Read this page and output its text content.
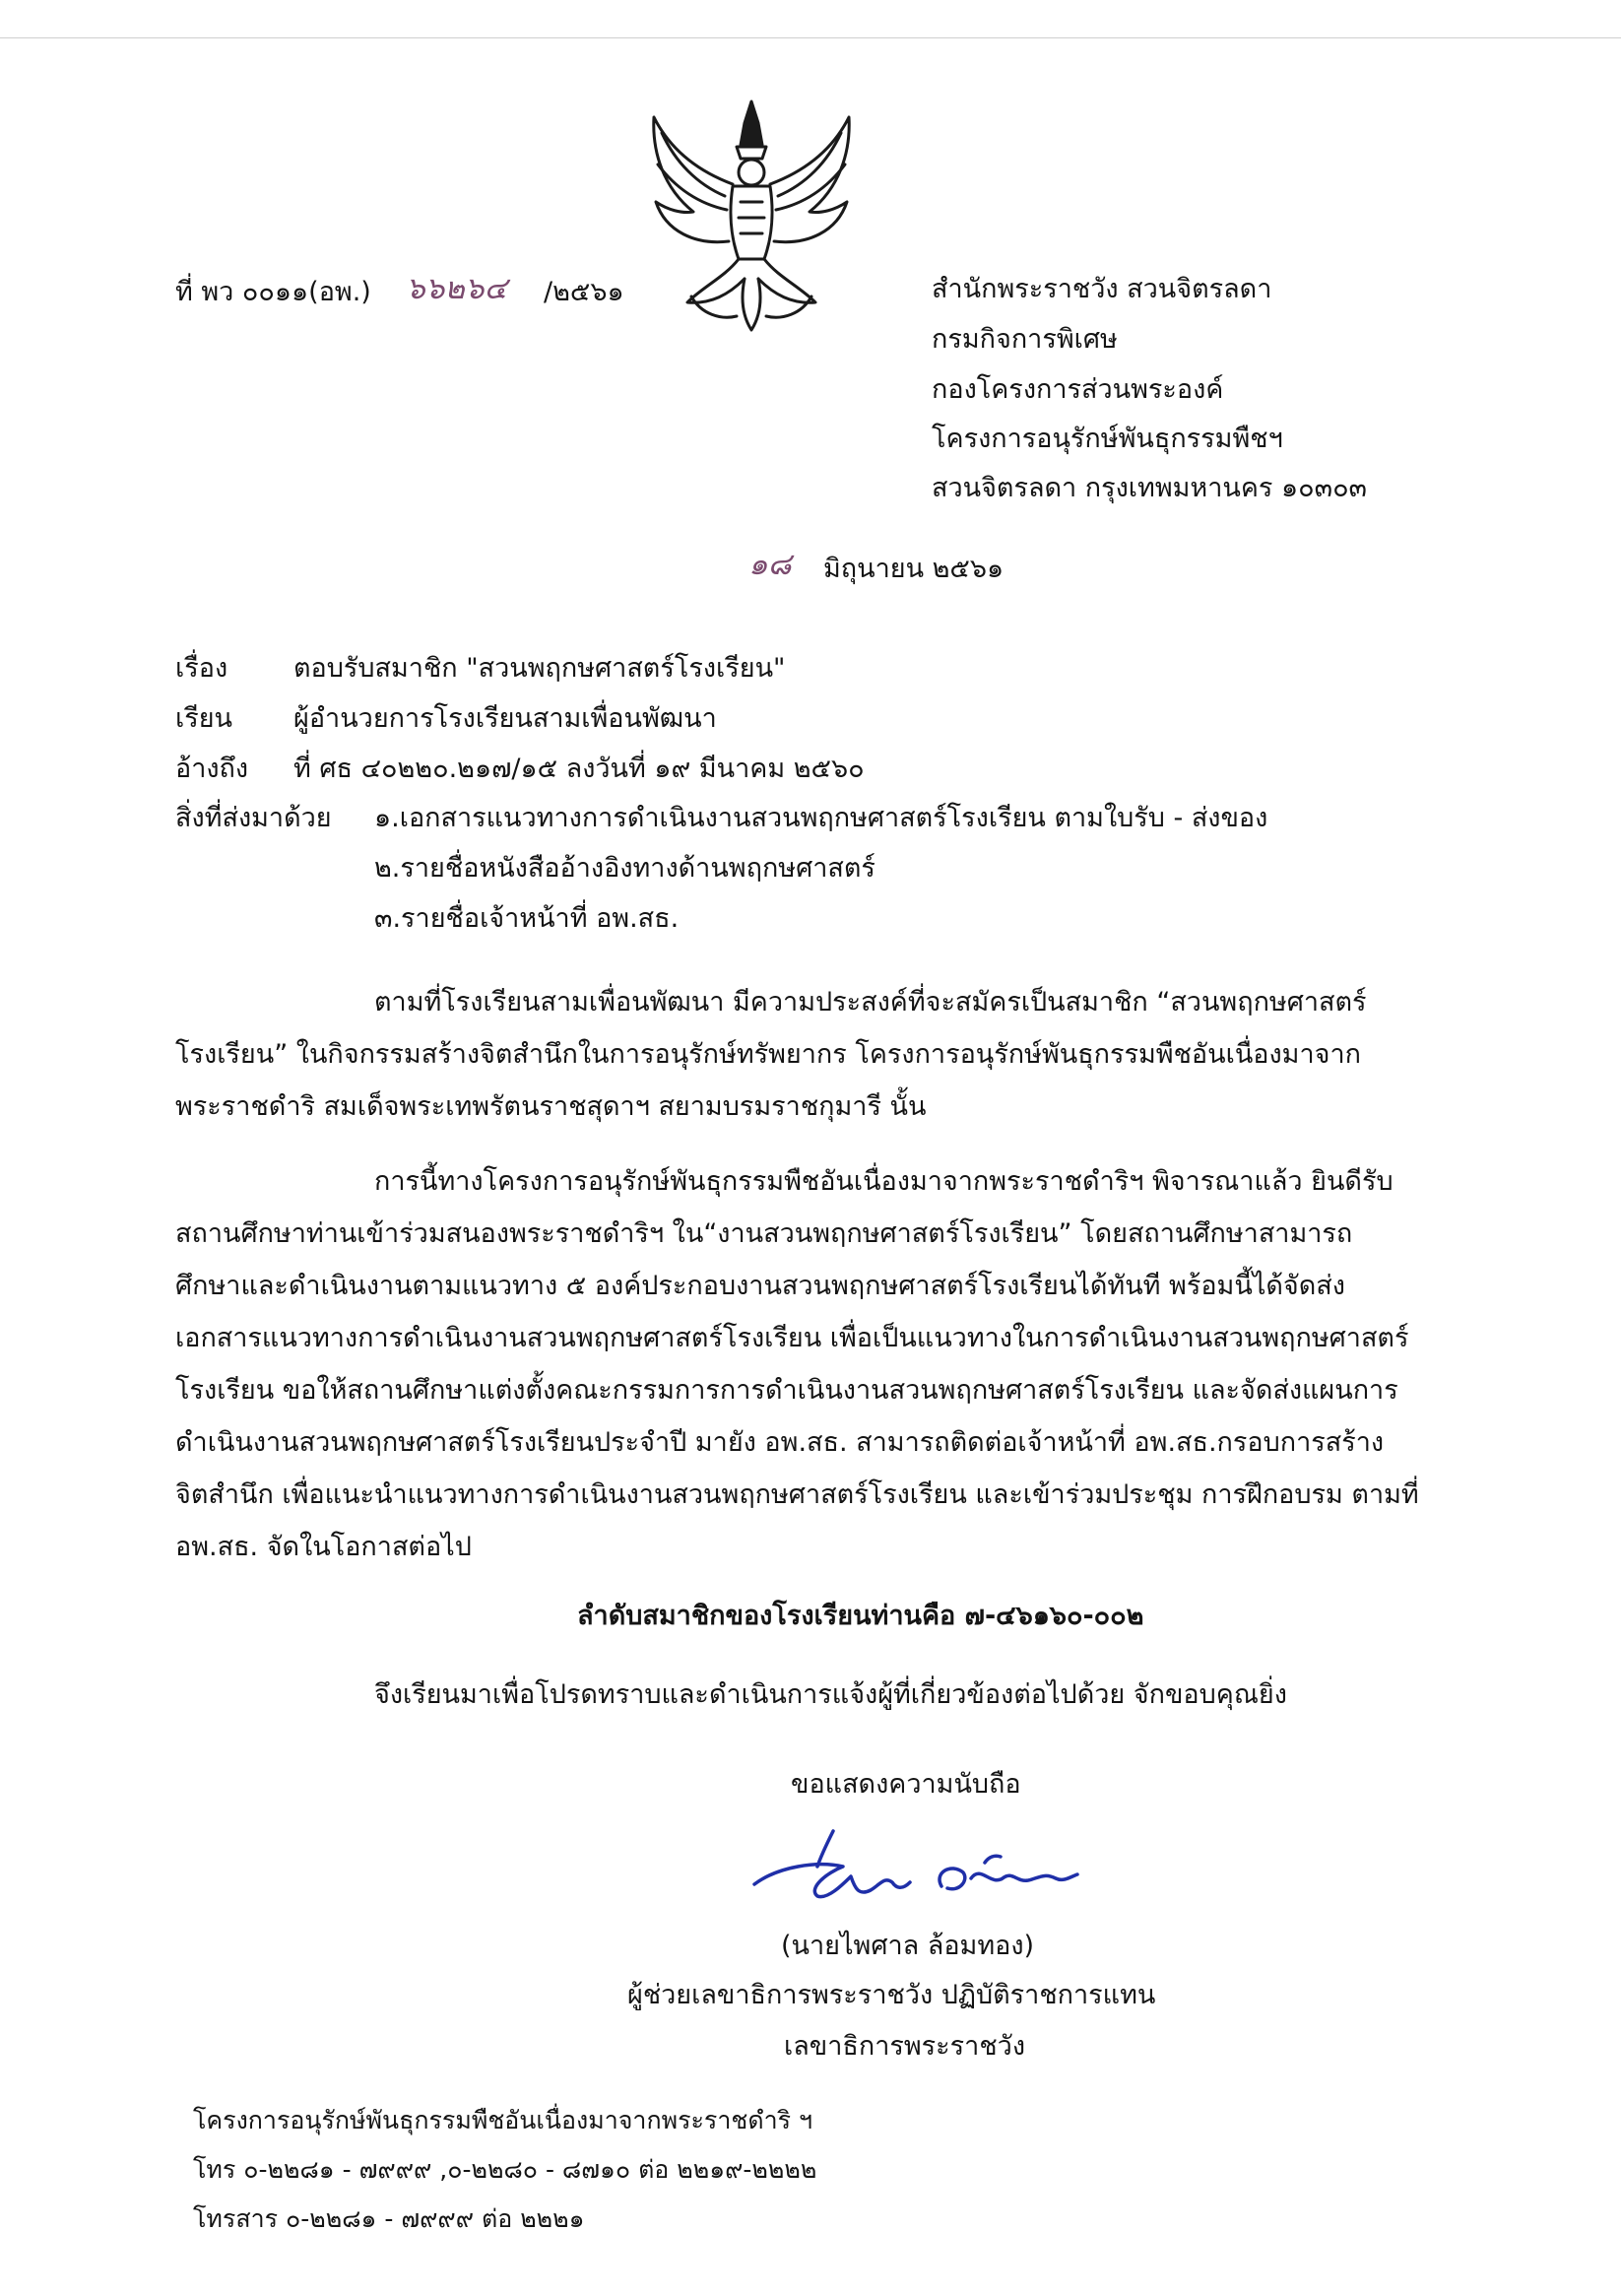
ที่ พว ๐๐๑๑(อพ.) ๖๖๒๖๔ /๒๕๖๑	สำนักพระราชวัง สวนจิตรลดา
กรมกิจการพิเศษ
กองโครงการส่วนพระองค์
โครงการอนุรักษ์พันธุกรรมพืชฯ
สวนจิตรลดา กรุงเทพมหานคร ๑๐๓๐๓
๑๘ มิถุนายน ๒๕๖๑
เรื่อง ตอบรับสมาชิก "สวนพฤกษศาสตร์โรงเรียน"
เรียน ผู้อำนวยการโรงเรียนสามเพื่อนพัฒนา
อ้างถึง ที่ ศธ ๔๐๒๒๐.๒๑๗/๑๕ ลงวันที่ ๑๙ มีนาคม ๒๕๖๐
สิ่งที่ส่งมาด้วย ๑.เอกสารแนวทางการดำเนินงานสวนพฤกษศาสตร์โรงเรียน ตามใบรับ - ส่งของ
๒.รายชื่อหนังสืออ้างอิงทางด้านพฤกษศาสตร์
๓.รายชื่อเจ้าหน้าที่ อพ.สธ.
ตามที่โรงเรียนสามเพื่อนพัฒนา มีความประสงค์ที่จะสมัครเป็นสมาชิก “สวนพฤกษศาสตร์
โรงเรียน” ในกิจกรรมสร้างจิตสำนึกในการอนุรักษ์ทรัพยากร โครงการอนุรักษ์พันธุกรรมพืชอันเนื่องมาจาก
พระราชดำริ สมเด็จพระเทพรัตนราชสุดาฯ สยามบรมราชกุมารี นั้น
การนี้ทางโครงการอนุรักษ์พันธุกรรมพืชอันเนื่องมาจากพระราชดำริฯ พิจารณาแล้ว ยินดีรับ
สถานศึกษาท่านเข้าร่วมสนองพระราชดำริฯ ใน“งานสวนพฤกษศาสตร์โรงเรียน” โดยสถานศึกษาสามารถ
ศึกษาและดำเนินงานตามแนวทาง ๕ องค์ประกอบงานสวนพฤกษศาสตร์โรงเรียนได้ทันที พร้อมนี้ได้จัดส่ง
เอกสารแนวทางการดำเนินงานสวนพฤกษศาสตร์โรงเรียน เพื่อเป็นแนวทางในการดำเนินงานสวนพฤกษศาสตร์
โรงเรียน ขอให้สถานศึกษาแต่งตั้งคณะกรรมการการดำเนินงานสวนพฤกษศาสตร์โรงเรียน และจัดส่งแผนการ
ดำเนินงานสวนพฤกษศาสตร์โรงเรียนประจำปี มายัง อพ.สธ. สามารถติดต่อเจ้าหน้าที่ อพ.สธ.กรอบการสร้าง
จิตสำนึก เพื่อแนะนำแนวทางการดำเนินงานสวนพฤกษศาสตร์โรงเรียน และเข้าร่วมประชุม การฝึกอบรม ตามที่
อพ.สธ. จัดในโอกาสต่อไป
ลำดับสมาชิกของโรงเรียนท่านคือ ๗-๔๖๑๖๐-๐๐๒
จึงเรียนมาเพื่อโปรดทราบและดำเนินการแจ้งผู้ที่เกี่ยวข้องต่อไปด้วย จักขอบคุณยิ่ง
ขอแสดงความนับถือ
(นายไพศาล ล้อมทอง)
ผู้ช่วยเลขาธิการพระราชวัง ปฏิบัติราชการแทน
เลขาธิการพระราชวัง
โครงการอนุรักษ์พันธุกรรมพืชอันเนื่องมาจากพระราชดำริ ฯ
โทร ๐-๒๒๘๑ - ๗๙๙๙ ,๐-๒๒๘๐ - ๘๗๑๐ ต่อ ๒๒๑๙-๒๒๒๒
โทรสาร ๐-๒๒๘๑ - ๗๙๙๙ ต่อ ๒๒๒๑
